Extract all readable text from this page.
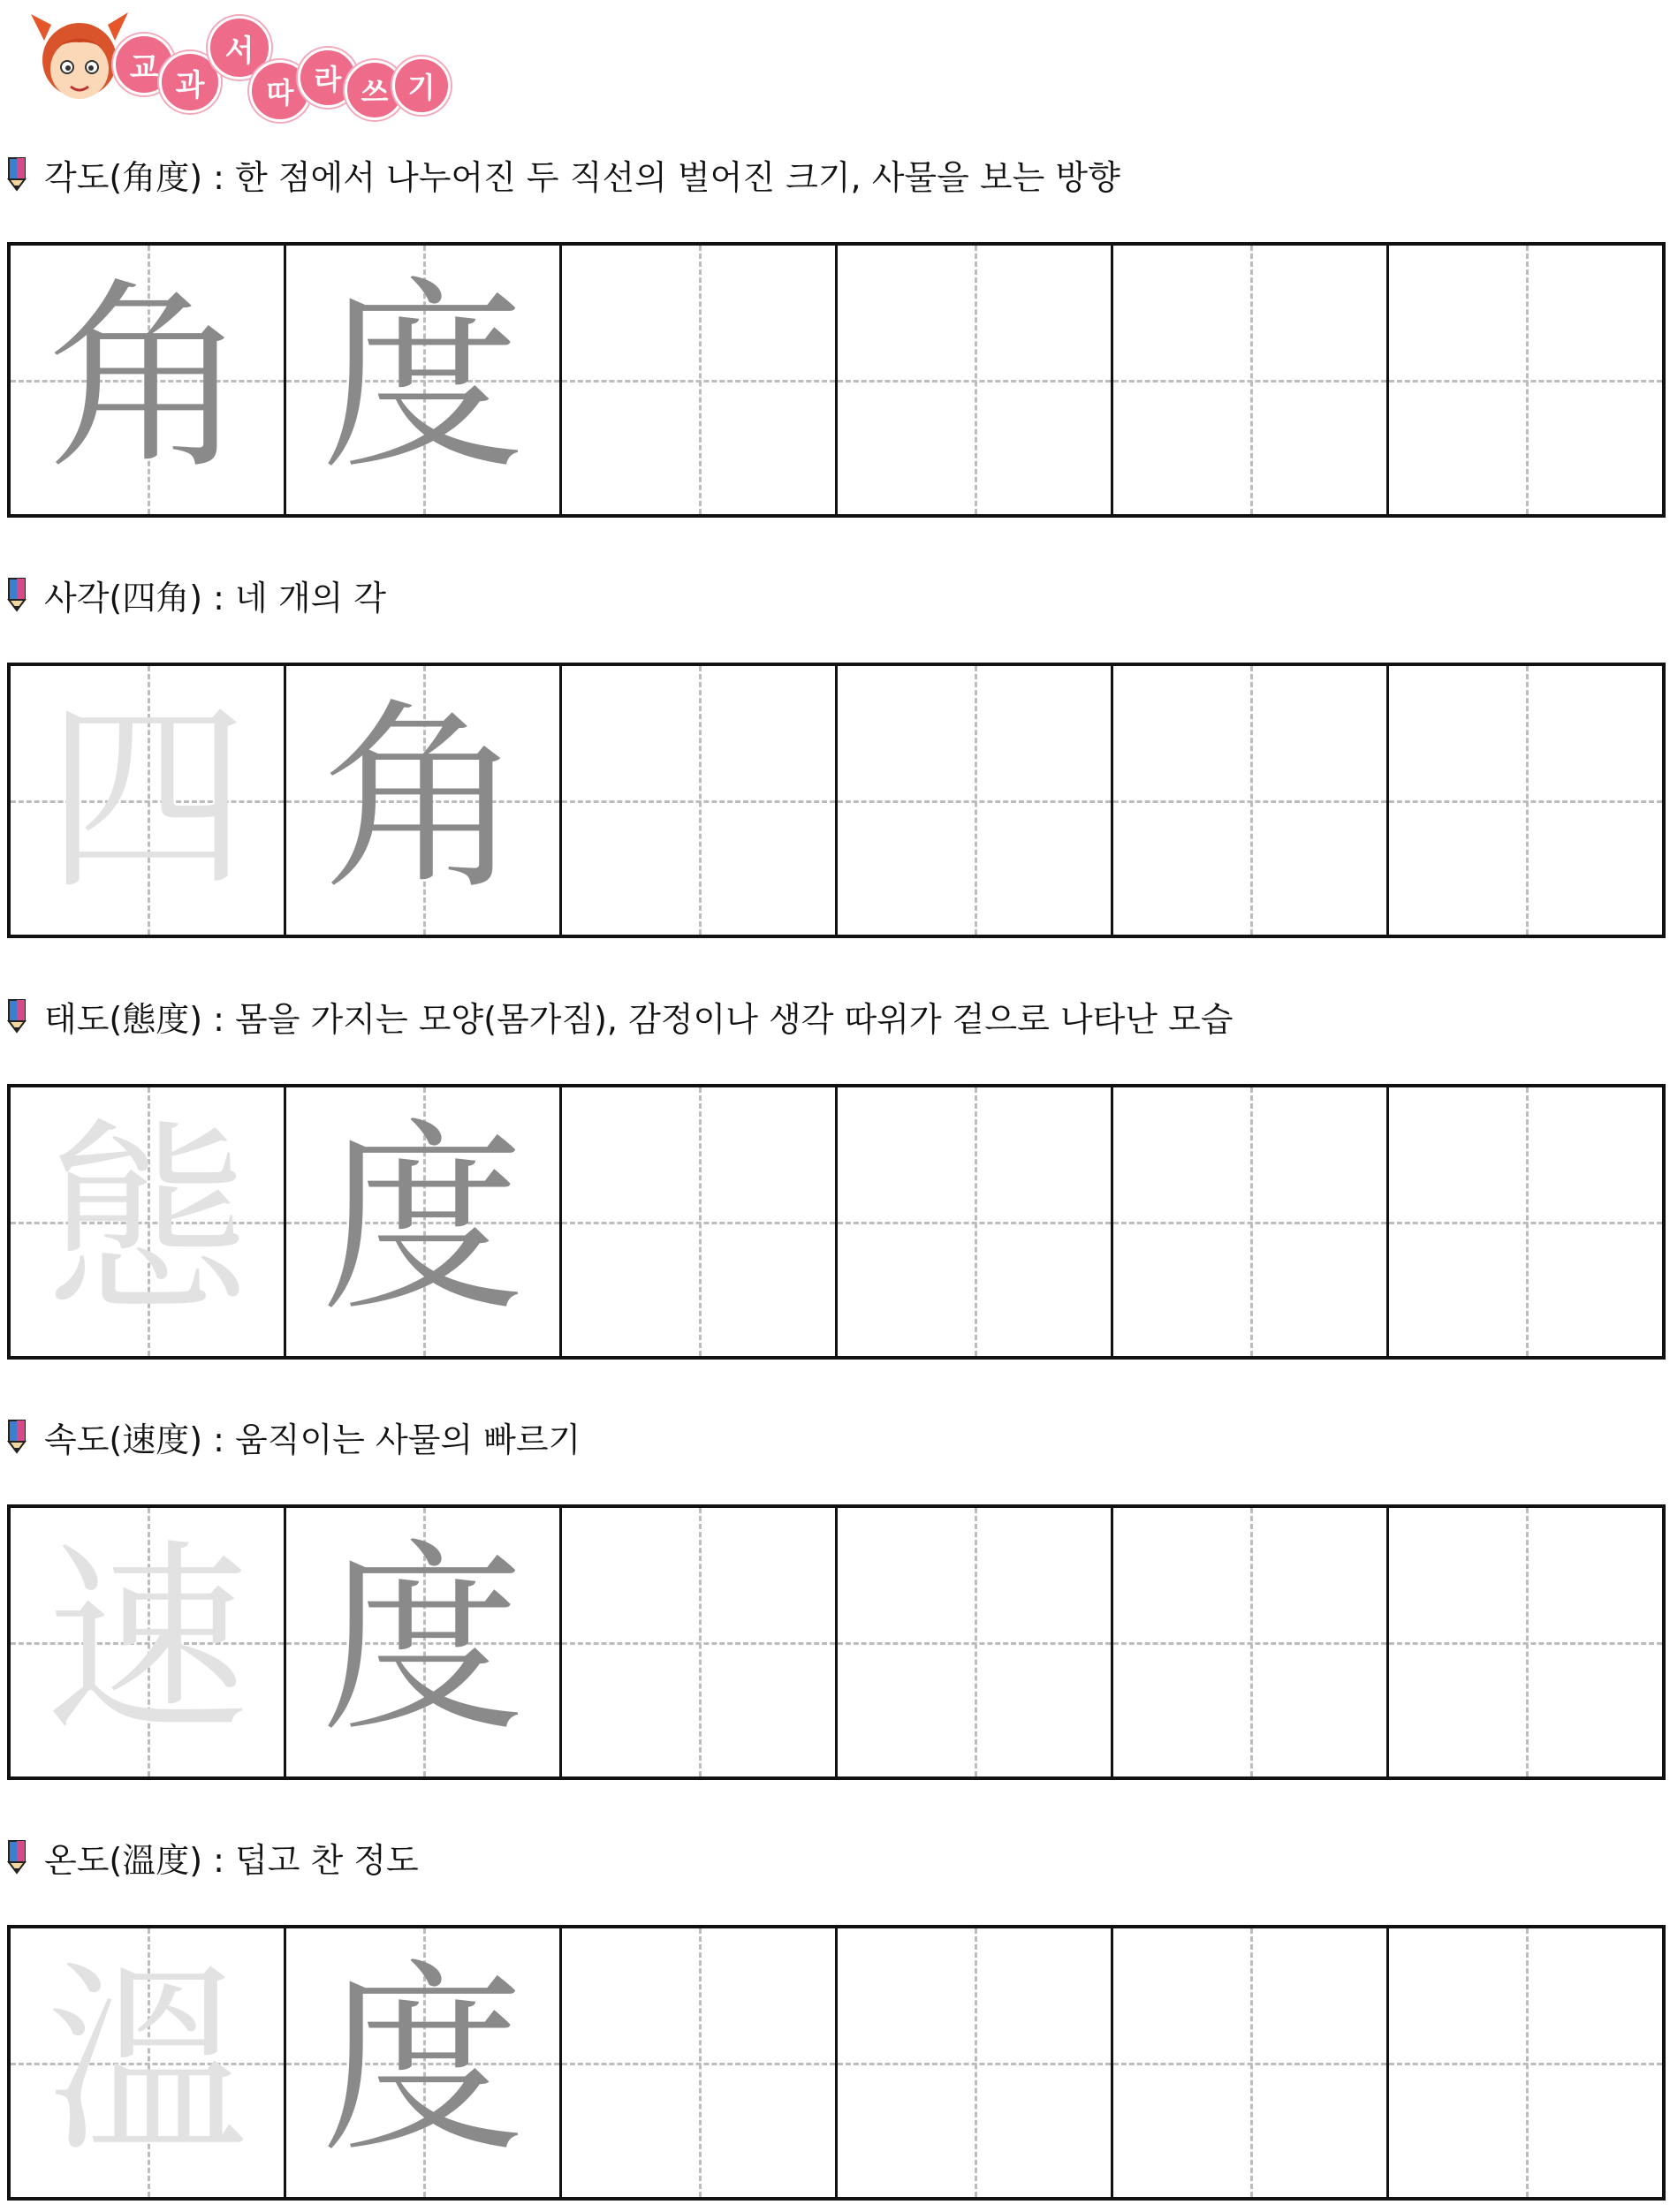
교 과
서
따 라 쓰 기
각도(角度) : 한 점에서 나누어진 두 직선의 벌어진 크기, 사물을 보는 방향
角 度
사각(四角) : 네 개의 각
四 角
태도(態度) : 몸을 가지는 모양(몸가짐), 감정이나 생각 따위가 겉으로 나타난 모습
態 度
속도(速度) : 움직이는 사물의 빠르기
速 度
온도(溫度) : 덥고 찬 정도
溫 度
